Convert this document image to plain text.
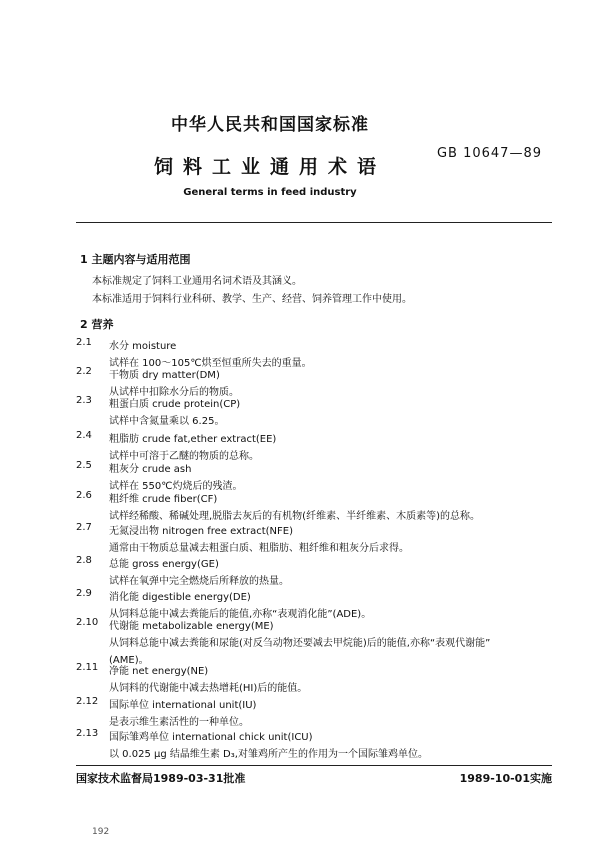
中华人民共和国国家标准
GB 10647—89
饲料工业通用术语
General terms in feed industry
1 主题内容与适用范围
本标准规定了饲料工业通用名词术语及其涵义。
本标准适用于饲料行业科研、教学、生产、经营、饲养管理工作中使用。
2 营养
2.1	水分 moisture
试样在 100～105℃烘至恒重所失去的重量。
2.2	干物质 dry matter(DM)
从试样中扣除水分后的物质。
2.3	粗蛋白质 crude protein(CP)
试样中含氮量乘以 6.25。
2.4	粗脂肪 crude fat,ether extract(EE)
试样中可溶于乙醚的物质的总称。
2.5	粗灰分 crude ash
试样在 550℃灼烧后的残渣。
2.6	粗纤维 crude fiber(CF)
试样经稀酸、稀碱处理,脱脂去灰后的有机物(纤维素、半纤维素、木质素等)的总称。
2.7	无氮浸出物 nitrogen free extract(NFE)
通常由干物质总量减去粗蛋白质、粗脂肪、粗纤维和粗灰分后求得。
2.8	总能 gross energy(GE)
试样在氧弹中完全燃烧后所释放的热量。
2.9	消化能 digestible energy(DE)
从饲料总能中减去粪能后的能值,亦称“表观消化能”(ADE)。
2.10	代谢能 metabolizable energy(ME)
从饲料总能中减去粪能和尿能(对反刍动物还要减去甲烷能)后的能值,亦称“表观代谢能”
(AME)。
2.11	净能 net energy(NE)
从饲料的代谢能中减去热增耗(HI)后的能值。
2.12	国际单位 international unit(IU)
是表示维生素活性的一种单位。
2.13	国际雏鸡单位 international chick unit(ICU)
以 0.025 μg 结晶维生素 D₃,对雏鸡所产生的作用为一个国际雏鸡单位。
国家技术监督局1989-03-31批准	1989-10-01实施
192
